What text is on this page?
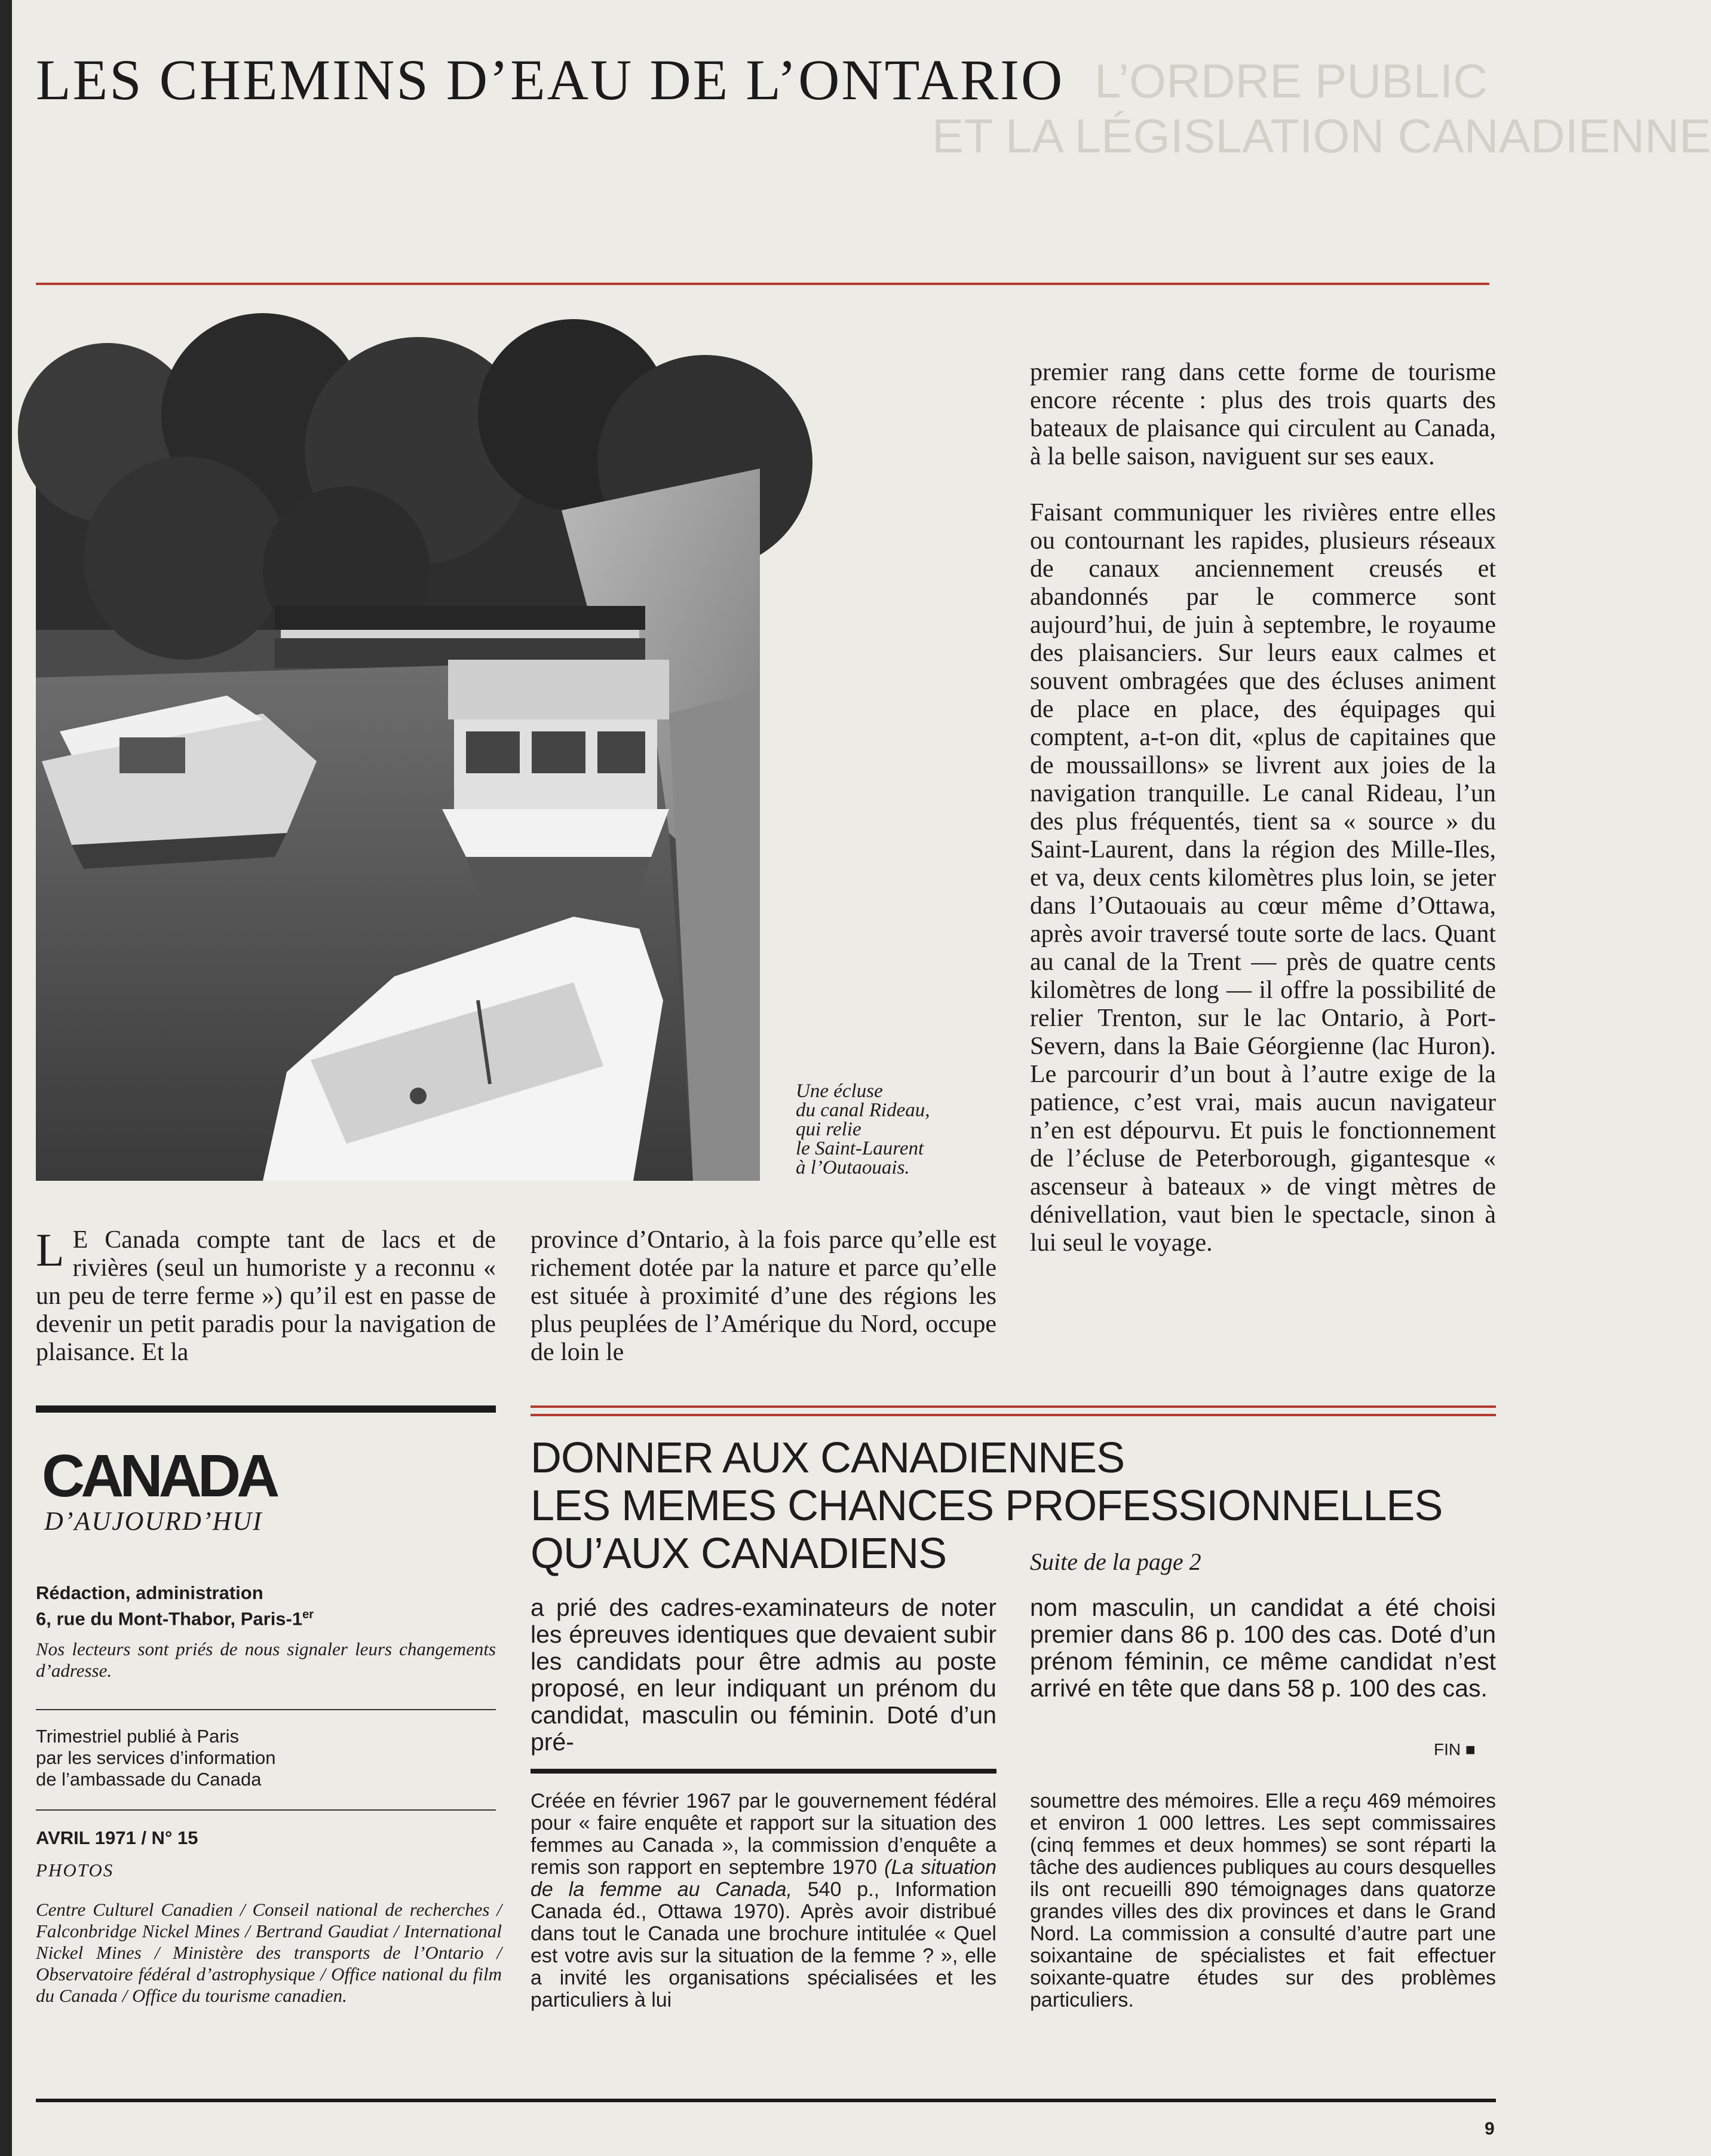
L’ORDRE PUBLIC
ET LA LÉGISLATION CANADIENNE
LES CHEMINS D’EAU DE L’ONTARIO
Une écluse
du canal Rideau,
qui relie
le Saint-Laurent
à l’Outaouais.
L E Canada compte tant de lacs et de rivières (seul un humoriste y a reconnu « un peu de terre ferme ») qu’il est en passe de devenir un petit paradis pour la navigation de plaisance. Et la
province d’Ontario, à la fois parce qu’elle est richement dotée par la nature et parce qu’elle est située à proximité d’une des régions les plus peuplées de l’Amérique du Nord, occupe de loin le

premier rang dans cette forme de tourisme encore récente : plus des trois quarts des bateaux de plaisance qui circulent au Canada, à la belle saison, naviguent sur ses eaux.

Faisant communiquer les rivières entre elles ou contournant les rapides, plusieurs réseaux de canaux anciennement creusés et abandonnés par le commerce sont aujourd’hui, de juin à septembre, le royaume des plaisanciers. Sur leurs eaux calmes et souvent ombragées que des écluses animent de place en place, des équipages qui comptent, a-t-on dit, «plus de capitaines que de moussaillons» se livrent aux joies de la navigation tranquille. Le canal Rideau, l’un des plus fréquentés, tient sa « source » du Saint-Laurent, dans la région des Mille-Iles, et va, deux cents kilomètres plus loin, se jeter dans l’Outaouais au cœur même d’Ottawa, après avoir traversé toute sorte de lacs. Quant au canal de la Trent — près de quatre cents kilomètres de long — il offre la possibilité de relier Trenton, sur le lac Ontario, à Port-Severn, dans la Baie Géorgienne (lac Huron). Le parcourir d’un bout à l’autre exige de la patience, c’est vrai, mais aucun navigateur n’en est dépourvu. Et puis le fonctionnement de l’écluse de Peterborough, gigantesque « ascenseur à bateaux » de vingt mètres de dénivellation, vaut bien le spectacle, sinon à lui seul le voyage.

CANADA
D’AUJOURD’HUI
Rédaction, administration
6, rue du Mont-Thabor, Paris-1er
Nos lecteurs sont priés de nous signaler leurs changements d’adresse.
Trimestriel publié à Paris
par les services d’information
de l’ambassade du Canada
AVRIL 1971 / N° 15
PHOTOS
Centre Culturel Canadien / Conseil national de recherches / Falconbridge Nickel Mines / Bertrand Gaudiat / International Nickel Mines / Ministère des transports de l’Ontario / Observatoire fédéral d’astrophysique / Office national du film du Canada / Office du tourisme canadien.
DONNER AUX CANADIENNES
LES MEMES CHANCES PROFESSIONNELLES
QU’AUX CANADIENS	Suite de la page 2
a prié des cadres-examinateurs de noter les épreuves identiques que devaient subir les candidats pour être admis au poste proposé, en leur indiquant un prénom du candidat, masculin ou féminin. Doté d’un pré-
nom masculin, un candidat a été choisi premier dans 86 p. 100 des cas. Doté d’un prénom féminin, ce même candidat n’est arrivé en tête que dans 58 p. 100 des cas.
FIN ■
Créée en février 1967 par le gouvernement fédéral pour « faire enquête et rapport sur la situation des femmes au Canada », la commission d’enquête a remis son rapport en septembre 1970 (La situation de la femme au Canada, 540 p., Information Canada éd., Ottawa 1970). Après avoir distribué dans tout le Canada une brochure intitulée « Quel est votre avis sur la situation de la femme ? », elle a invité les organisations spécialisées et les particuliers à lui
soumettre des mémoires. Elle a reçu 469 mémoires et environ 1 000 lettres. Les sept commissaires (cinq femmes et deux hommes) se sont réparti la tâche des audiences publiques au cours desquelles ils ont recueilli 890 témoignages dans quatorze grandes villes des dix provinces et dans le Grand Nord. La commission a consulté d’autre part une soixantaine de spécialistes et fait effectuer soixante-quatre études sur des problèmes particuliers.
9
